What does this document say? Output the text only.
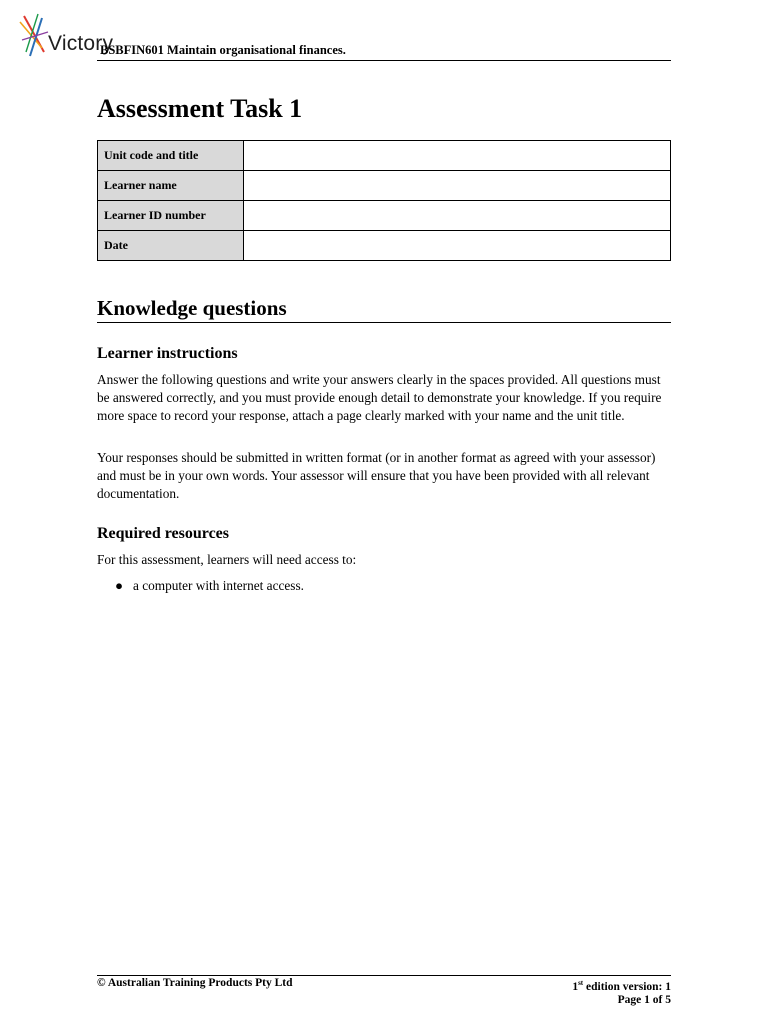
Victory
BSBFIN601 Maintain organisational finances.
Assessment Task 1
Unit code and title	
Learner name	
Learner ID number	
Date	
Knowledge questions
Learner instructions

Answer the following questions and write your answers clearly in the spaces provided. All questions must be answered correctly, and you must provide enough detail to demonstrate your knowledge. If you require more space to record your response, attach a page clearly marked with your name and the unit title.

Your responses should be submitted in written format (or in another format as agreed with your assessor) and must be in your own words. Your assessor will ensure that you have been provided with all relevant documentation.

Required resources

For this assessment, learners will need access to:

● a computer with internet access.
© Australian Training Products Pty Ltd	1st edition version: 1
Page 1 of 5
